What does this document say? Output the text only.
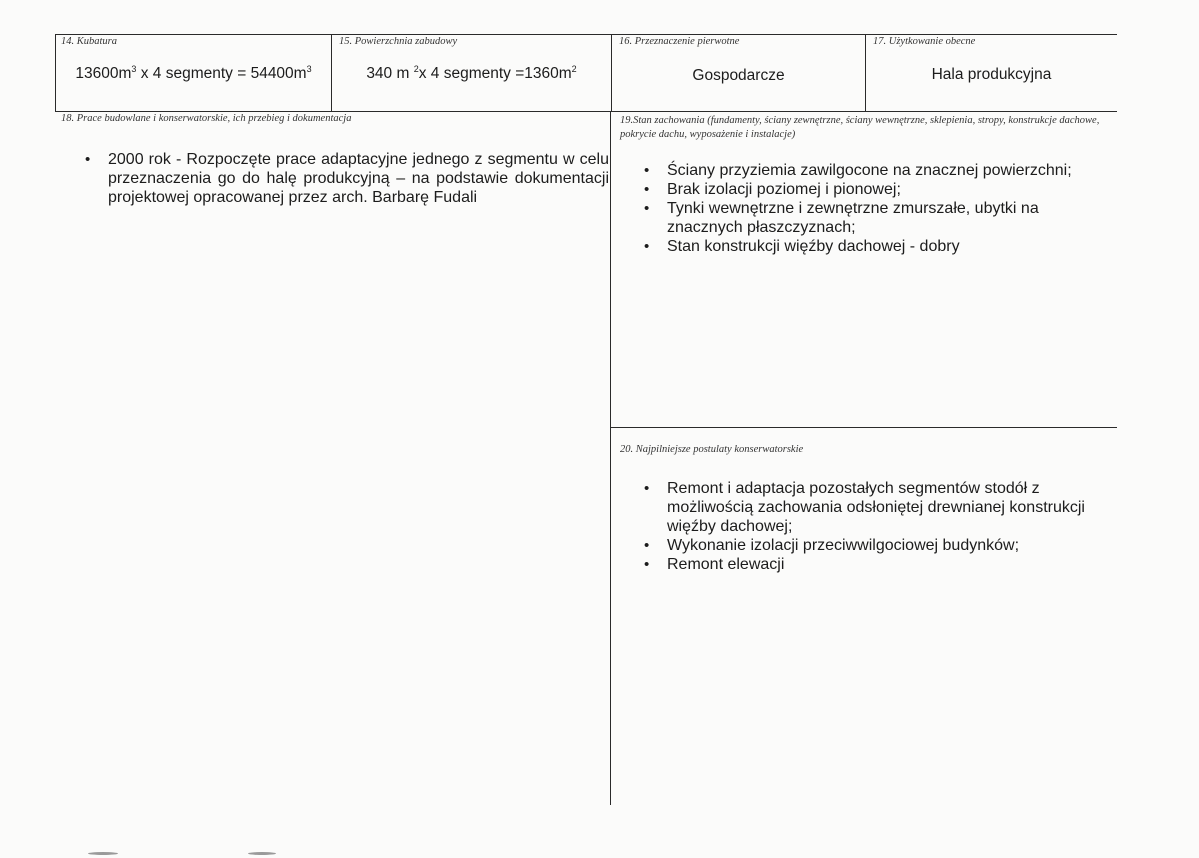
14. Kubatura
$13600m^3$ x 4 segmenty = $54400m^3$
15. Powierzchnia zabudowy
340 m $^2$x 4 segmenty $=1360m^2$
16. Przeznaczenie pierwotne
Gospodarcze
17. Użytkowanie obecne
Hala produkcyjna
18. Prace budowlane i konserwatorskie, ich przebieg i dokumentacja
• 2000 rok - Rozpoczęte prace adaptacyjne jednego z segmentu w celu przeznaczenia go do halę produkcyjną – na podstawie dokumentacji projektowej opracowanej przez arch. Barbarę Fudali
19.Stan zachowania (fundamenty, ściany zewnętrzne, ściany wewnętrzne, sklepienia, stropy, konstrukcje dachowe, pokrycie dachu, wyposażenie i instalacje)
• Ściany przyziemia zawilgocone na znacznej powierzchni;
• Brak izolacji poziomej i pionowej;
• Tynki wewnętrzne i zewnętrzne zmurszałe, ubytki na znacznych płaszczyznach;
• Stan konstrukcji więźby dachowej - dobry
20. Najpilniejsze postulaty konserwatorskie
• Remont i adaptacja pozostałych segmentów stodół z możliwością zachowania odsłoniętej drewnianej konstrukcji więźby dachowej;
• Wykonanie izolacji przeciwwilgociowej budynków;
• Remont elewacji
